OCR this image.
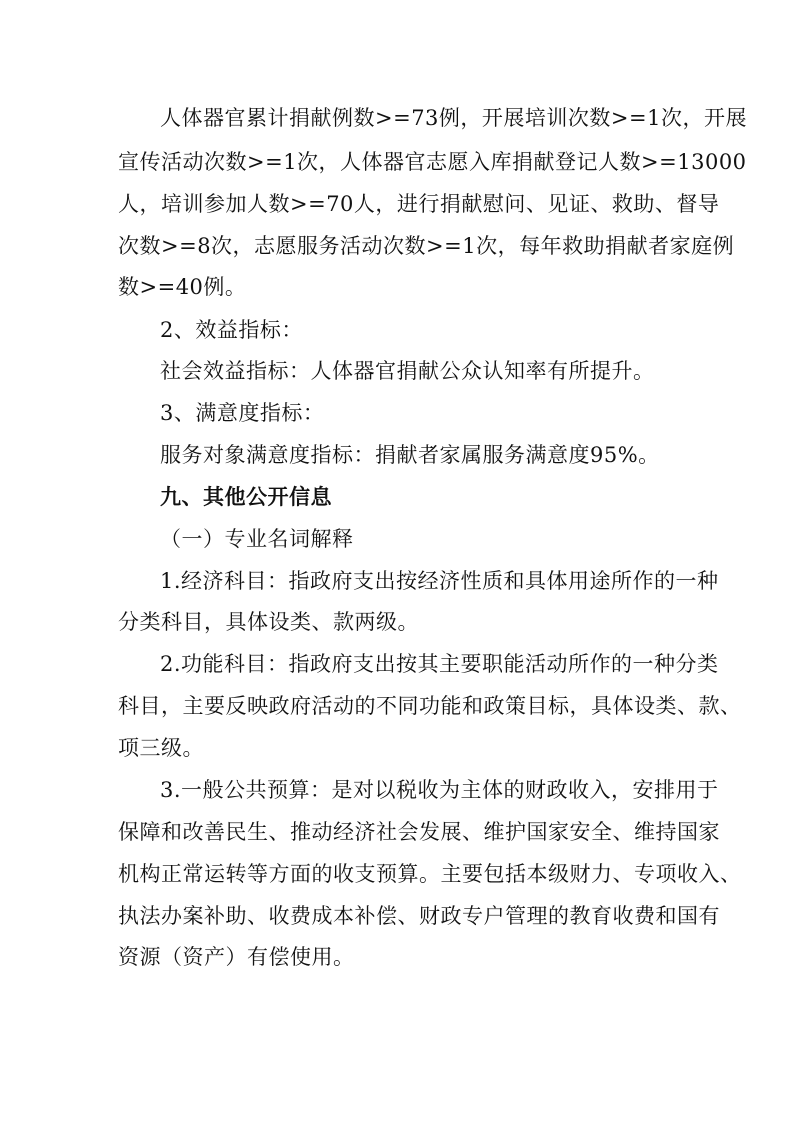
人体器官累计捐献例数>=73例，开展培训次数>=1次，开展
宣传活动次数>=1次，人体器官志愿入库捐献登记人数>=13000
人，培训参加人数>=70人，进行捐献慰问、见证、救助、督导
次数>=8次，志愿服务活动次数>=1次，每年救助捐献者家庭例
数>=40例。
2、效益指标：
社会效益指标：人体器官捐献公众认知率有所提升。
3、满意度指标：
服务对象满意度指标：捐献者家属服务满意度95%。
九、其他公开信息
（一）专业名词解释
1.经济科目：指政府支出按经济性质和具体用途所作的一种
分类科目，具体设类、款两级。
2.功能科目：指政府支出按其主要职能活动所作的一种分类
科目，主要反映政府活动的不同功能和政策目标，具体设类、款、
项三级。
3.一般公共预算：是对以税收为主体的财政收入，安排用于
保障和改善民生、推动经济社会发展、维护国家安全、维持国家
机构正常运转等方面的收支预算。主要包括本级财力、专项收入、
执法办案补助、收费成本补偿、财政专户管理的教育收费和国有
资源（资产）有偿使用。
